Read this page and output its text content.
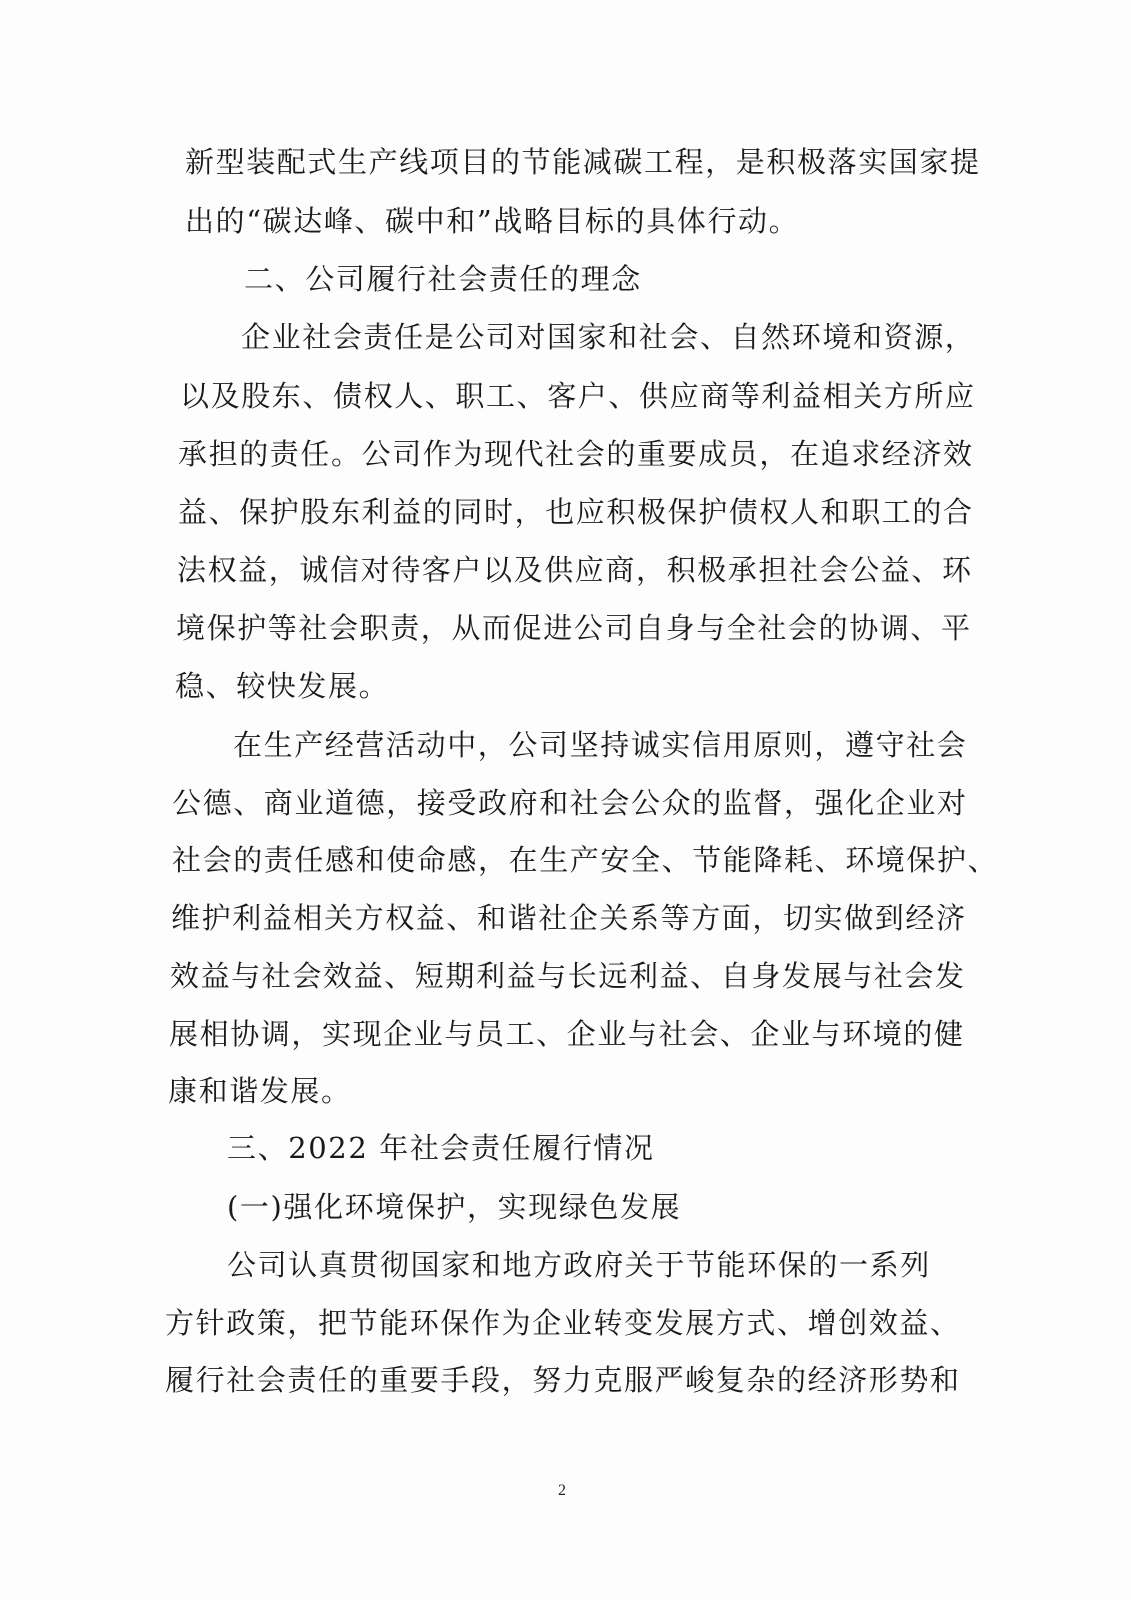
新型装配式生产线项目的节能减碳工程，是积极落实国家提
出的“碳达峰、碳中和”战略目标的具体行动。
二、公司履行社会责任的理念
企业社会责任是公司对国家和社会、自然环境和资源，
以及股东、债权人、职工、客户、供应商等利益相关方所应
承担的责任。公司作为现代社会的重要成员，在追求经济效
益、保护股东利益的同时，也应积极保护债权人和职工的合
法权益，诚信对待客户以及供应商，积极承担社会公益、环
境保护等社会职责，从而促进公司自身与全社会的协调、平
稳、较快发展。
在生产经营活动中，公司坚持诚实信用原则，遵守社会
公德、商业道德，接受政府和社会公众的监督，强化企业对
社会的责任感和使命感，在生产安全、节能降耗、环境保护、
维护利益相关方权益、和谐社企关系等方面，切实做到经济
效益与社会效益、短期利益与长远利益、自身发展与社会发
展相协调，实现企业与员工、企业与社会、企业与环境的健
康和谐发展。
三、2022 年社会责任履行情况
(一)强化环境保护，实现绿色发展
公司认真贯彻国家和地方政府关于节能环保的一系列
方针政策，把节能环保作为企业转变发展方式、增创效益、
履行社会责任的重要手段，努力克服严峻复杂的经济形势和
2
